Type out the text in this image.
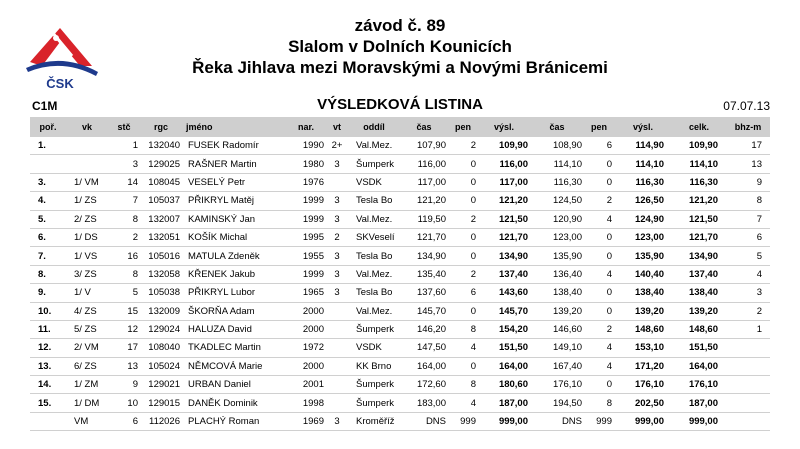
ČSK
závod č. 89
Slalom v Dolních Kounicích
Řeka Jihlava mezi Moravskými a Novými Bránicemi
C1M	VÝSLEDKOVÁ LISTINA	07.07.13
poř.	vk	stč	rgc	jméno	nar.	vt	oddíl	čas	pen	výsl.	čas	pen	výsl.	celk.	bhz-m
1.		1	132040	FUSEK Radomír	1990	2+	Val.Mez.	107,90	2	109,90	108,90	6	114,90	109,90	17
		3	129025	RAŠNER Martin	1980	3	Šumperk	116,00	0	116,00	114,10	0	114,10	114,10	13
3.	1/ VM	14	108045	VESELÝ Petr	1976		VSDK	117,00	0	117,00	116,30	0	116,30	116,30	9
4.	1/ ZS	7	105037	PŘIKRYL Matěj	1999	3	Tesla Bo	121,20	0	121,20	124,50	2	126,50	121,20	8
5.	2/ ZS	8	132007	KAMINSKÝ Jan	1999	3	Val.Mez.	119,50	2	121,50	120,90	4	124,90	121,50	7
6.	1/ DS	2	132051	KOŠÍK Michal	1995	2	SKVeselí	121,70	0	121,70	123,00	0	123,00	121,70	6
7.	1/ VS	16	105016	MATULA Zdeněk	1955	3	Tesla Bo	134,90	0	134,90	135,90	0	135,90	134,90	5
8.	3/ ZS	8	132058	KŘENEK Jakub	1999	3	Val.Mez.	135,40	2	137,40	136,40	4	140,40	137,40	4
9.	1/ V	5	105038	PŘIKRYL Lubor	1965	3	Tesla Bo	137,60	6	143,60	138,40	0	138,40	138,40	3
10.	4/ ZS	15	132009	ŠKORŇA Adam	2000		Val.Mez.	145,70	0	145,70	139,20	0	139,20	139,20	2
11.	5/ ZS	12	129024	HALUZA David	2000		Šumperk	146,20	8	154,20	146,60	2	148,60	148,60	1
12.	2/ VM	17	108040	TKADLEC Martin	1972		VSDK	147,50	4	151,50	149,10	4	153,10	151,50	
13.	6/ ZS	13	105024	NĚMCOVÁ Marie	2000		KK Brno	164,00	0	164,00	167,40	4	171,20	164,00	
14.	1/ ZM	9	129021	URBAN Daniel	2001		Šumperk	172,60	8	180,60	176,10	0	176,10	176,10	
15.	1/ DM	10	129015	DANĚK Dominik	1998		Šumperk	183,00	4	187,00	194,50	8	202,50	187,00	
	VM	6	112026	PLACHÝ Roman	1969	3	Kroměříž	DNS	999	999,00	DNS	999	999,00	999,00	
